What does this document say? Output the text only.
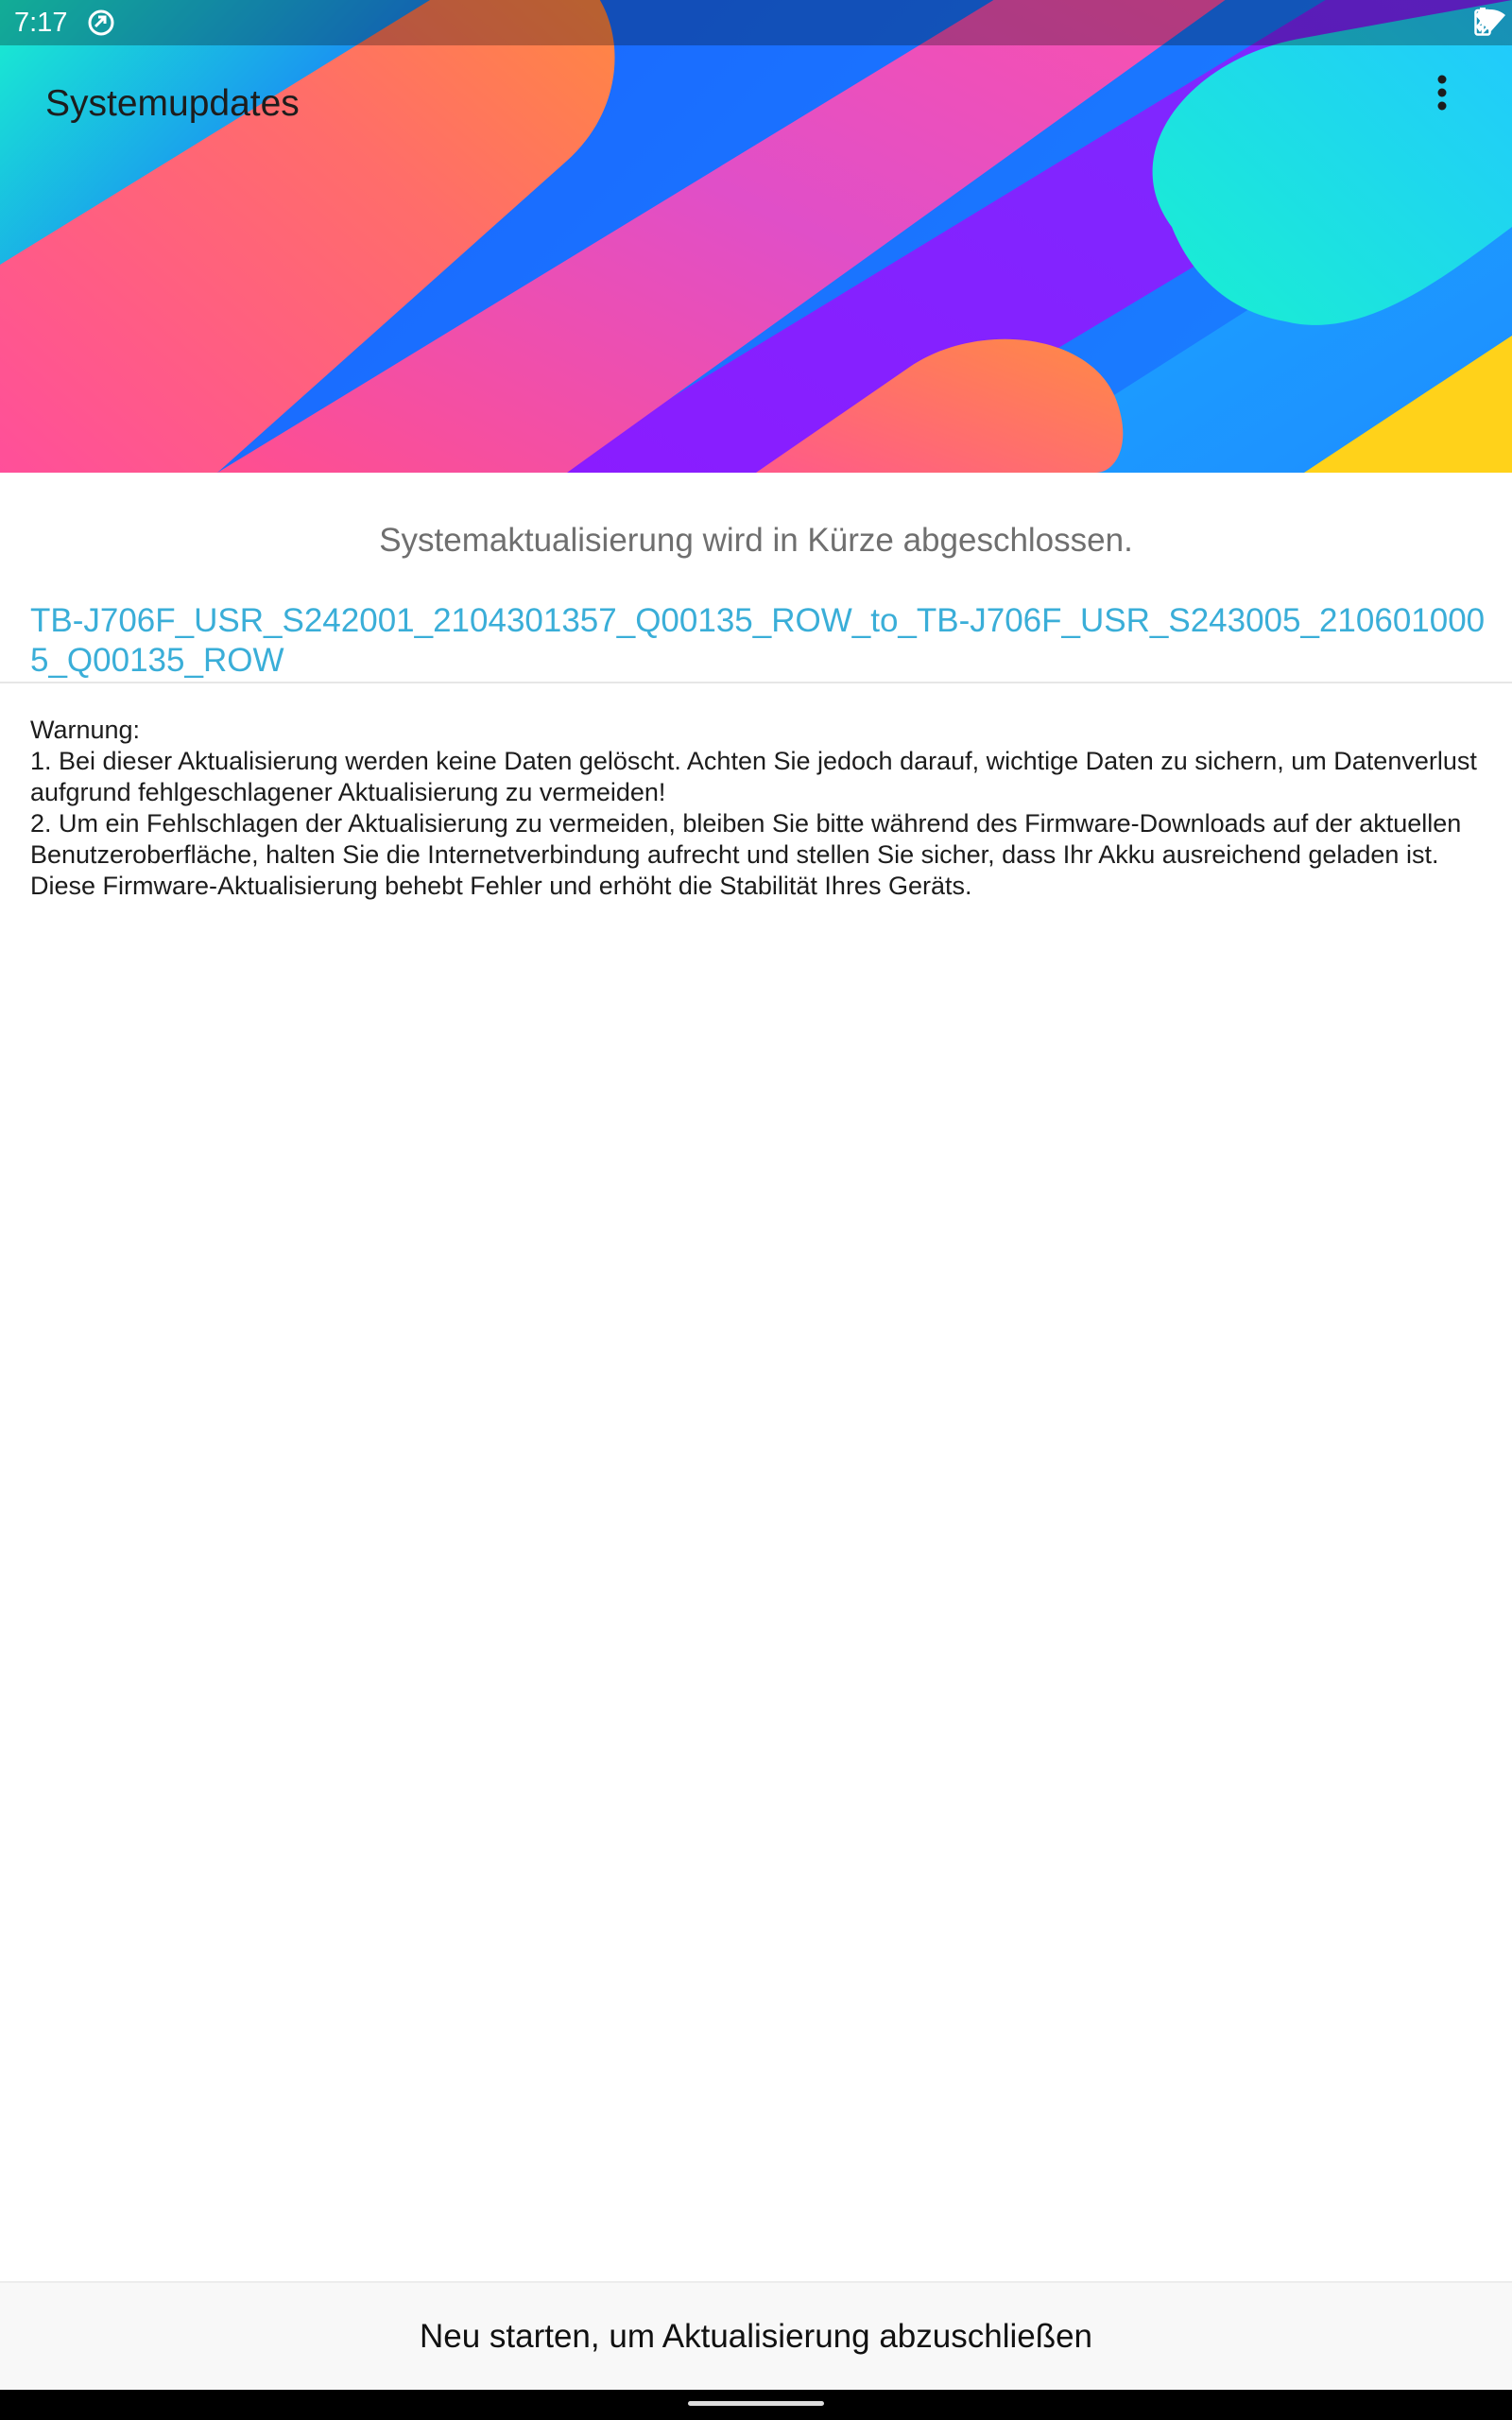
7:17
Systemupdates
Systemaktualisierung wird in Kürze abgeschlossen.
TB-J706F_USR_S242001_2104301357_Q00135_ROW_to_TB-J706F_USR_S243005_2106010005_Q00135_ROW
Warnung:
1. Bei dieser Aktualisierung werden keine Daten gelöscht. Achten Sie jedoch darauf, wichtige Daten zu sichern, um Datenverlust aufgrund fehlgeschlagener Aktualisierung zu vermeiden!
2. Um ein Fehlschlagen der Aktualisierung zu vermeiden, bleiben Sie bitte während des Firmware-Downloads auf der aktuellen Benutzeroberfläche, halten Sie die Internetverbindung aufrecht und stellen Sie sicher, dass Ihr Akku ausreichend geladen ist.
Diese Firmware-Aktualisierung behebt Fehler und erhöht die Stabilität Ihres Geräts.
Neu starten, um Aktualisierung abzuschließen
